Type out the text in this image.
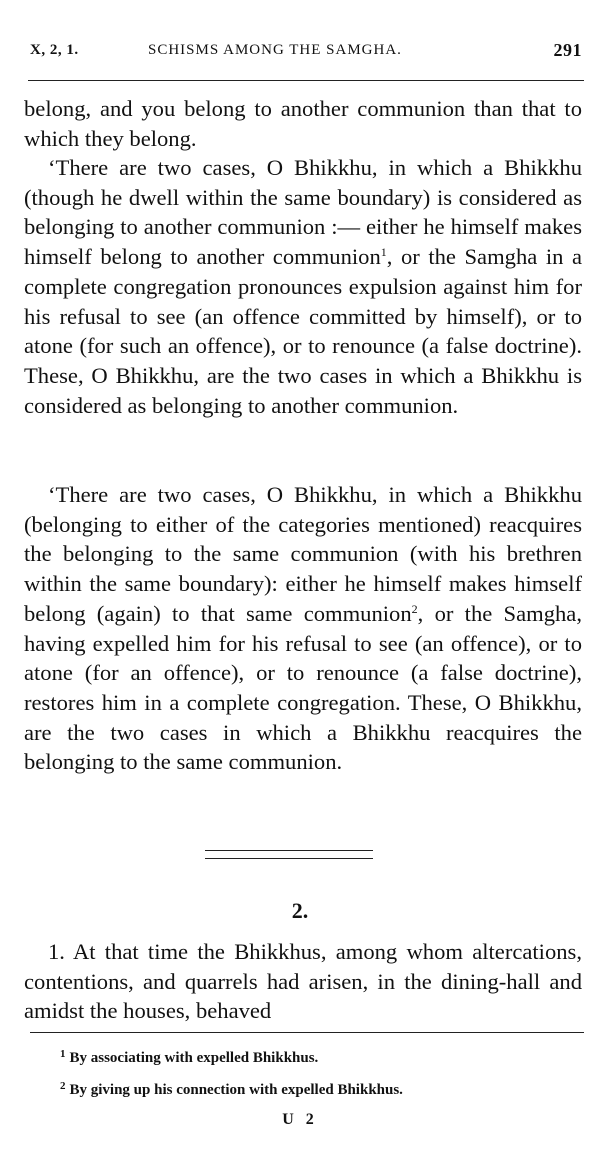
X, 2, 1.	SCHISMS AMONG THE SAMGHA.	291

belong, and you belong to another communion than that to which they belong.

‘There are two cases, O Bhikkhu, in which a Bhikkhu (though he dwell within the same boundary) is considered as belonging to another communion :— either he himself makes himself belong to another communion$^1$, or the Samgha in a complete congregation pronounces expulsion against him for his refusal to see (an offence committed by himself), or to atone (for such an offence), or to renounce (a false doctrine). These, O Bhikkhu, are the two cases in which a Bhikkhu is considered as belonging to another communion.

‘There are two cases, O Bhikkhu, in which a Bhikkhu (belonging to either of the categories mentioned) reacquires the belonging to the same communion (with his brethren within the same boundary): either he himself makes himself belong (again) to that same communion$^2$, or the Samgha, having expelled him for his refusal to see (an offence), or to atone (for an offence), or to renounce (a false doctrine), restores him in a complete congregation. These, O Bhikkhu, are the two cases in which a Bhikkhu reacquires the belonging to the same communion.

2.

1. At that time the Bhikkhus, among whom altercations, contentions, and quarrels had arisen, in the dining-hall and amidst the houses, behaved

$^1$ By associating with expelled Bhikkhus.
$^2$ By giving up his connection with expelled Bhikkhus.
U 2
